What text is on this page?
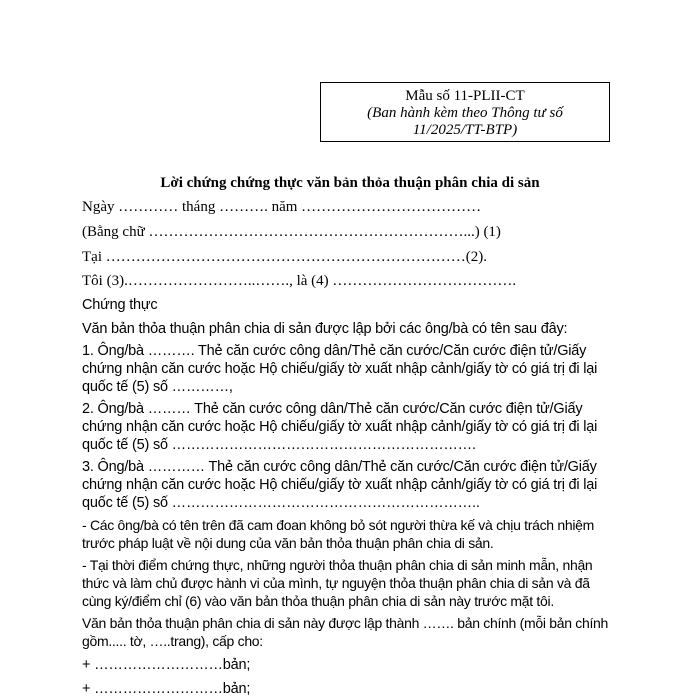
Mẫu số 11-PLII-CT
(Ban hành kèm theo Thông tư số 11/2025/TT-BTP)
Lời chứng chứng thực văn bản thỏa thuận phân chia di sản
Ngày ………… tháng ………. năm ………………………………
(Bằng chữ ………………………………………………………...) (1)
Tại ………………………………………………………………(2).
Tôi (3).……………………..……., là (4) ……………………………….
Chứng thực
Văn bản thỏa thuận phân chia di sản được lập bởi các ông/bà có tên sau đây:
1. Ông/bà ………. Thẻ căn cước công dân/Thẻ căn cước/Căn cước điện tử/Giấy chứng nhận căn cước hoặc Hộ chiếu/giấy tờ xuất nhập cảnh/giấy tờ có giá trị đi lại quốc tế (5) số …………,
2. Ông/bà ……… Thẻ căn cước công dân/Thẻ căn cước/Căn cước điện tử/Giấy chứng nhận căn cước hoặc Hộ chiếu/giấy tờ xuất nhập cảnh/giấy tờ có giá trị đi lại quốc tế (5) số ……………………………………………………….
3. Ông/bà ………… Thẻ căn cước công dân/Thẻ căn cước/Căn cước điện tử/Giấy chứng nhận căn cước hoặc Hộ chiếu/giấy tờ xuất nhập cảnh/giấy tờ có giá trị đi lại quốc tế (5) số ………………………………………………………..
- Các ông/bà có tên trên đã cam đoan không bỏ sót người thừa kế và chịu trách nhiệm trước pháp luật về nội dung của văn bản thỏa thuận phân chia di sản.
- Tại thời điểm chứng thực, những người thỏa thuận phân chia di sản minh mẫn, nhận thức và làm chủ được hành vi của mình, tự nguyện thỏa thuận phân chia di sản và đã cùng ký/điểm chỉ (6) vào văn bản thỏa thuận phân chia di sản này trước mặt tôi.
Văn bản thỏa thuận phân chia di sản này được lập thành ……. bản chính (mỗi bản chính gồm..... tờ, …..trang), cấp cho:
+ ………………………bản;
+ ………………………bản;
